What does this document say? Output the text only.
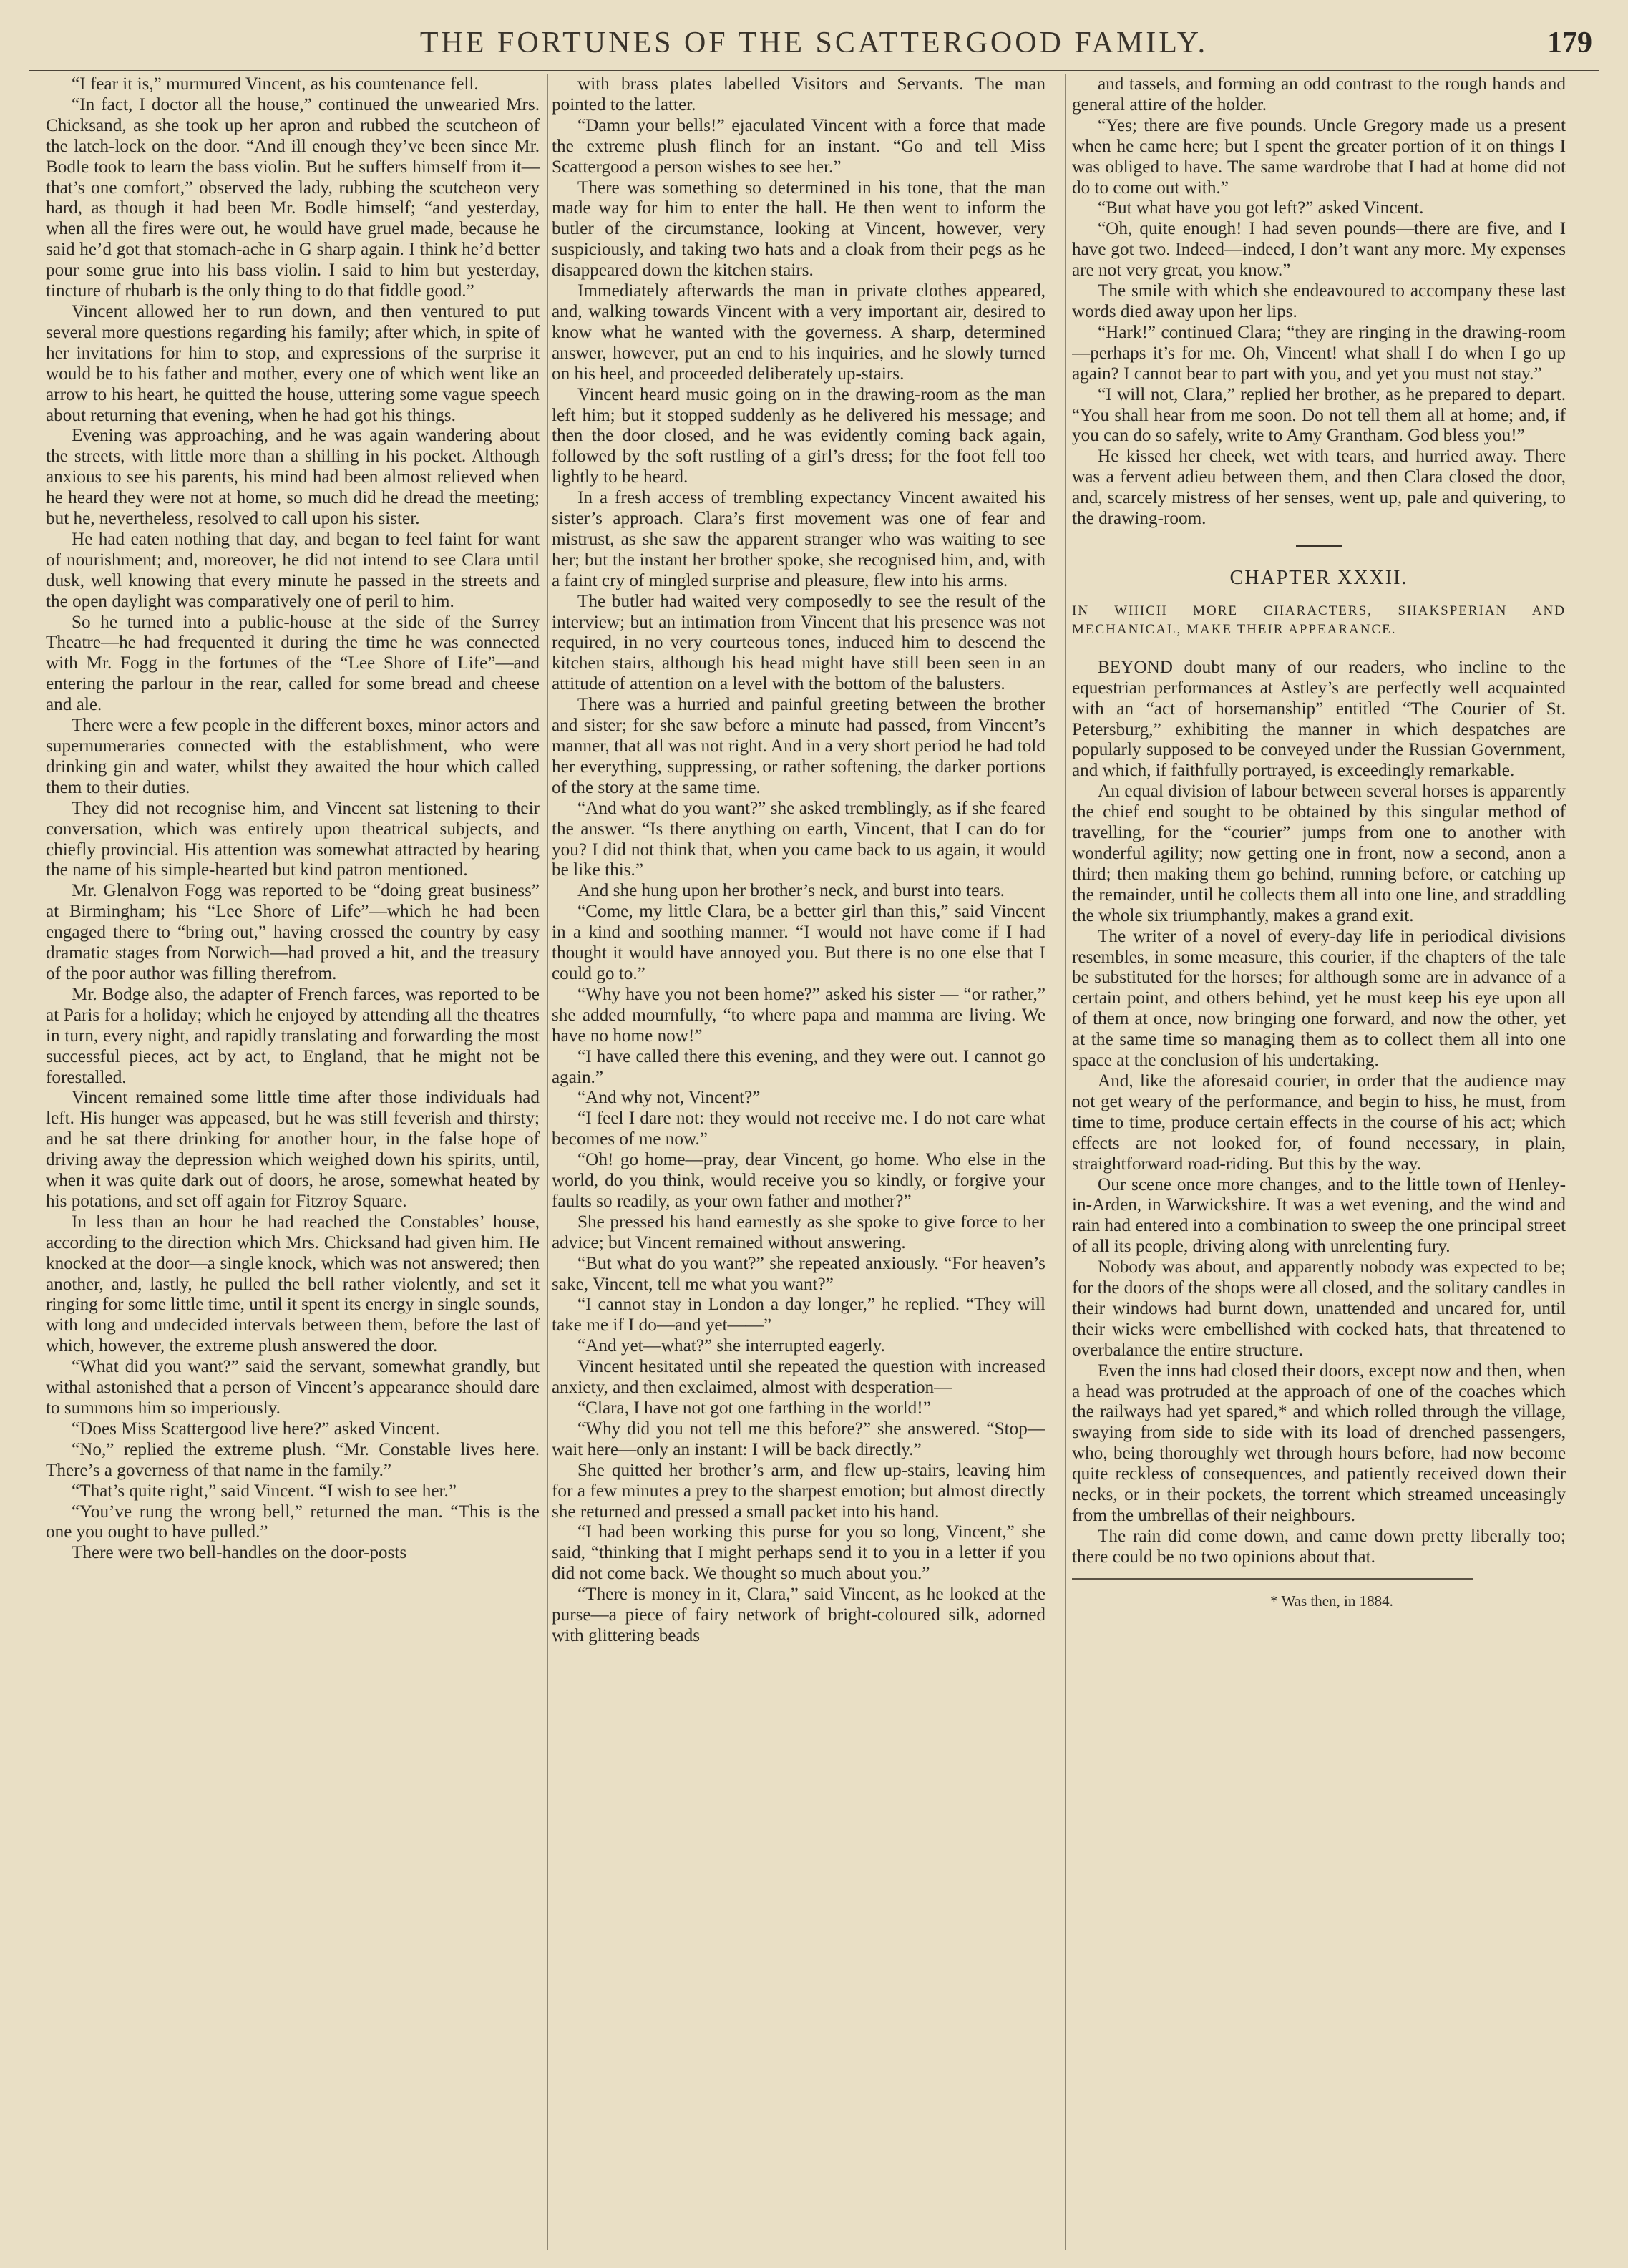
THE FORTUNES OF THE SCATTERGOOD FAMILY.	179

“I fear it is,” murmured Vincent, as his countenance fell.

“In fact, I doctor all the house,” continued the unwearied Mrs. Chicksand, as she took up her apron and rubbed the scutcheon of the latch-lock on the door. “And ill enough they’ve been since Mr. Bodle took to learn the bass violin. But he suffers himself from it—that’s one comfort,” observed the lady, rubbing the scutcheon very hard, as though it had been Mr. Bodle himself; “and yesterday, when all the fires were out, he would have gruel made, because he said he’d got that stomach-ache in G sharp again. I think he’d better pour some grue into his bass violin. I said to him but yesterday, tincture of rhubarb is the only thing to do that fiddle good.”

Vincent allowed her to run down, and then ventured to put several more questions regarding his family; after which, in spite of her invitations for him to stop, and expressions of the surprise it would be to his father and mother, every one of which went like an arrow to his heart, he quitted the house, uttering some vague speech about returning that evening, when he had got his things.

Evening was approaching, and he was again wandering about the streets, with little more than a shilling in his pocket. Although anxious to see his parents, his mind had been almost relieved when he heard they were not at home, so much did he dread the meeting; but he, nevertheless, resolved to call upon his sister.

He had eaten nothing that day, and began to feel faint for want of nourishment; and, moreover, he did not intend to see Clara until dusk, well knowing that every minute he passed in the streets and the open daylight was comparatively one of peril to him.

So he turned into a public-house at the side of the Surrey Theatre—he had frequented it during the time he was connected with Mr. Fogg in the fortunes of the “Lee Shore of Life”—and entering the parlour in the rear, called for some bread and cheese and ale.

There were a few people in the different boxes, minor actors and supernumeraries connected with the establishment, who were drinking gin and water, whilst they awaited the hour which called them to their duties.

They did not recognise him, and Vincent sat listening to their conversation, which was entirely upon theatrical subjects, and chiefly provincial. His attention was somewhat attracted by hearing the name of his simple-hearted but kind patron mentioned.

Mr. Glenalvon Fogg was reported to be “doing great business” at Birmingham; his “Lee Shore of Life”—which he had been engaged there to “bring out,” having crossed the country by easy dramatic stages from Norwich—had proved a hit, and the treasury of the poor author was filling therefrom.

Mr. Bodge also, the adapter of French farces, was reported to be at Paris for a holiday; which he enjoyed by attending all the theatres in turn, every night, and rapidly translating and forwarding the most successful pieces, act by act, to England, that he might not be forestalled.

Vincent remained some little time after those individuals had left. His hunger was appeased, but he was still feverish and thirsty; and he sat there drinking for another hour, in the false hope of driving away the depression which weighed down his spirits, until, when it was quite dark out of doors, he arose, somewhat heated by his potations, and set off again for Fitzroy Square.

In less than an hour he had reached the Constables’ house, according to the direction which Mrs. Chicksand had given him. He knocked at the door—a single knock, which was not answered; then another, and, lastly, he pulled the bell rather violently, and set it ringing for some little time, until it spent its energy in single sounds, with long and undecided intervals between them, before the last of which, however, the extreme plush answered the door.

“What did you want?” said the servant, somewhat grandly, but withal astonished that a person of Vincent’s appearance should dare to summons him so imperiously.

“Does Miss Scattergood live here?” asked Vincent.

“No,” replied the extreme plush. “Mr. Constable lives here. There’s a governess of that name in the family.”

“That’s quite right,” said Vincent. “I wish to see her.”

“You’ve rung the wrong bell,” returned the man. “This is the one you ought to have pulled.”

There were two bell-handles on the door-posts

with brass plates labelled Visitors and Servants. The man pointed to the latter.

“Damn your bells!” ejaculated Vincent with a force that made the extreme plush flinch for an instant. “Go and tell Miss Scattergood a person wishes to see her.”

There was something so determined in his tone, that the man made way for him to enter the hall. He then went to inform the butler of the circumstance, looking at Vincent, however, very suspiciously, and taking two hats and a cloak from their pegs as he disappeared down the kitchen stairs.

Immediately afterwards the man in private clothes appeared, and, walking towards Vincent with a very important air, desired to know what he wanted with the governess. A sharp, determined answer, however, put an end to his inquiries, and he slowly turned on his heel, and proceeded deliberately up-stairs.

Vincent heard music going on in the drawing-room as the man left him; but it stopped suddenly as he delivered his message; and then the door closed, and he was evidently coming back again, followed by the soft rustling of a girl’s dress; for the foot fell too lightly to be heard.

In a fresh access of trembling expectancy Vincent awaited his sister’s approach. Clara’s first movement was one of fear and mistrust, as she saw the apparent stranger who was waiting to see her; but the instant her brother spoke, she recognised him, and, with a faint cry of mingled surprise and pleasure, flew into his arms.

The butler had waited very composedly to see the result of the interview; but an intimation from Vincent that his presence was not required, in no very courteous tones, induced him to descend the kitchen stairs, although his head might have still been seen in an attitude of attention on a level with the bottom of the balusters.

There was a hurried and painful greeting between the brother and sister; for she saw before a minute had passed, from Vincent’s manner, that all was not right. And in a very short period he had told her everything, suppressing, or rather softening, the darker portions of the story at the same time.

“And what do you want?” she asked tremblingly, as if she feared the answer. “Is there anything on earth, Vincent, that I can do for you? I did not think that, when you came back to us again, it would be like this.”

And she hung upon her brother’s neck, and burst into tears.

“Come, my little Clara, be a better girl than this,” said Vincent in a kind and soothing manner. “I would not have come if I had thought it would have annoyed you. But there is no one else that I could go to.”

“Why have you not been home?” asked his sister — “or rather,” she added mournfully, “to where papa and mamma are living. We have no home now!”

“I have called there this evening, and they were out. I cannot go again.”

“And why not, Vincent?”

“I feel I dare not: they would not receive me. I do not care what becomes of me now.”

“Oh! go home—pray, dear Vincent, go home. Who else in the world, do you think, would receive you so kindly, or forgive your faults so readily, as your own father and mother?”

She pressed his hand earnestly as she spoke to give force to her advice; but Vincent remained without answering.

“But what do you want?” she repeated anxiously. “For heaven’s sake, Vincent, tell me what you want?”

“I cannot stay in London a day longer,” he replied. “They will take me if I do—and yet——”

“And yet—what?” she interrupted eagerly.

Vincent hesitated until she repeated the question with increased anxiety, and then exclaimed, almost with desperation—

“Clara, I have not got one farthing in the world!”

“Why did you not tell me this before?” she answered. “Stop—wait here—only an instant: I will be back directly.”

She quitted her brother’s arm, and flew up-stairs, leaving him for a few minutes a prey to the sharpest emotion; but almost directly she returned and pressed a small packet into his hand.

“I had been working this purse for you so long, Vincent,” she said, “thinking that I might perhaps send it to you in a letter if you did not come back. We thought so much about you.”

“There is money in it, Clara,” said Vincent, as he looked at the purse—a piece of fairy network of bright-coloured silk, adorned with glittering beads

and tassels, and forming an odd contrast to the rough hands and general attire of the holder.

“Yes; there are five pounds. Uncle Gregory made us a present when he came here; but I spent the greater portion of it on things I was obliged to have. The same wardrobe that I had at home did not do to come out with.”

“But what have you got left?” asked Vincent.

“Oh, quite enough! I had seven pounds—there are five, and I have got two. Indeed—indeed, I don’t want any more. My expenses are not very great, you know.”

The smile with which she endeavoured to accompany these last words died away upon her lips.

“Hark!” continued Clara; “they are ringing in the drawing-room—perhaps it’s for me. Oh, Vincent! what shall I do when I go up again? I cannot bear to part with you, and yet you must not stay.”

“I will not, Clara,” replied her brother, as he prepared to depart. “You shall hear from me soon. Do not tell them all at home; and, if you can do so safely, write to Amy Grantham. God bless you!”

He kissed her cheek, wet with tears, and hurried away. There was a fervent adieu between them, and then Clara closed the door, and, scarcely mistress of her senses, went up, pale and quivering, to the drawing-room.

CHAPTER XXXII.
IN WHICH MORE CHARACTERS, SHAKSPERIAN AND MECHANICAL, MAKE THEIR APPEARANCE.

BEYOND doubt many of our readers, who incline to the equestrian performances at Astley’s are perfectly well acquainted with an “act of horsemanship” entitled “The Courier of St. Petersburg,” exhibiting the manner in which despatches are popularly supposed to be conveyed under the Russian Government, and which, if faithfully portrayed, is exceedingly remarkable.

An equal division of labour between several horses is apparently the chief end sought to be obtained by this singular method of travelling, for the “courier” jumps from one to another with wonderful agility; now getting one in front, now a second, anon a third; then making them go behind, running before, or catching up the remainder, until he collects them all into one line, and straddling the whole six triumphantly, makes a grand exit.

The writer of a novel of every-day life in periodical divisions resembles, in some measure, this courier, if the chapters of the tale be substituted for the horses; for although some are in advance of a certain point, and others behind, yet he must keep his eye upon all of them at once, now bringing one forward, and now the other, yet at the same time so managing them as to collect them all into one space at the conclusion of his undertaking.

And, like the aforesaid courier, in order that the audience may not get weary of the performance, and begin to hiss, he must, from time to time, produce certain effects in the course of his act; which effects are not looked for, of found necessary, in plain, straightforward road-riding. But this by the way.

Our scene once more changes, and to the little town of Henley-in-Arden, in Warwickshire. It was a wet evening, and the wind and rain had entered into a combination to sweep the one principal street of all its people, driving along with unrelenting fury.

Nobody was about, and apparently nobody was expected to be; for the doors of the shops were all closed, and the solitary candles in their windows had burnt down, unattended and uncared for, until their wicks were embellished with cocked hats, that threatened to overbalance the entire structure.

Even the inns had closed their doors, except now and then, when a head was protruded at the approach of one of the coaches which the railways had yet spared,* and which rolled through the village, swaying from side to side with its load of drenched passengers, who, being thoroughly wet through hours before, had now become quite reckless of consequences, and patiently received down their necks, or in their pockets, the torrent which streamed unceasingly from the umbrellas of their neighbours.

The rain did come down, and came down pretty liberally too; there could be no two opinions about that.

* Was then, in 1884.
